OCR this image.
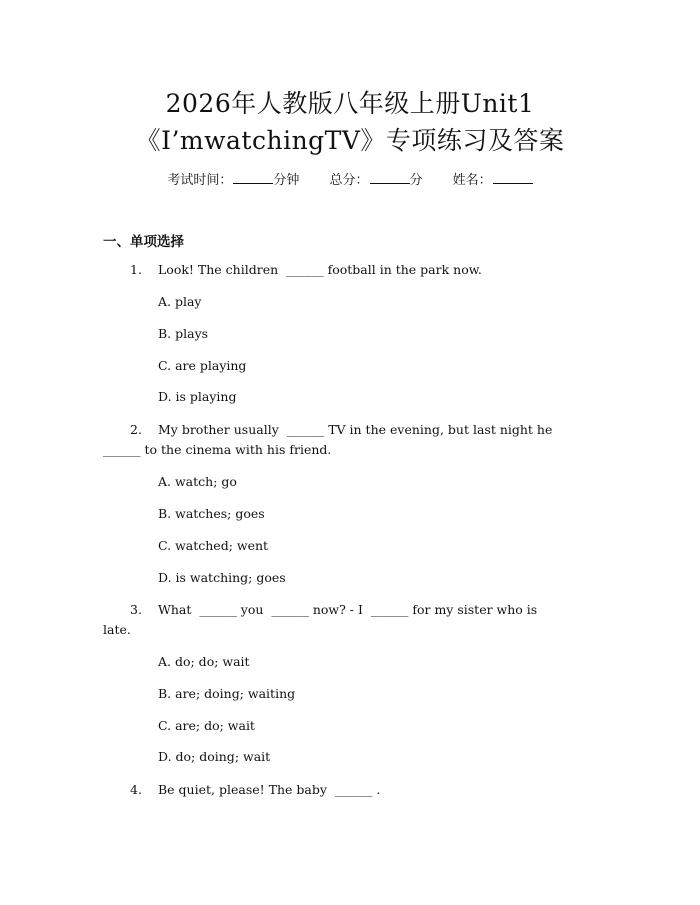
2026年人教版八年级上册Unit1
《I’mwatchingTV》专项练习及答案
考试时间：	分钟 总分：	分 姓名：
一、单项选择
1. Look! The children  ______ football in the park now.
A. play
B. plays
C. are playing
D. is playing
2. My brother usually  ______ TV in the evening, but last night he
______ to the cinema with his friend.
A. watch; go
B. watches; goes
C. watched; went
D. is watching; goes
3. What  ______ you  ______ now? - I  ______ for my sister who is
late.
A. do; do; wait
B. are; doing; waiting
C. are; do; wait
D. do; doing; wait
4. Be quiet, please! The baby  ______ .
